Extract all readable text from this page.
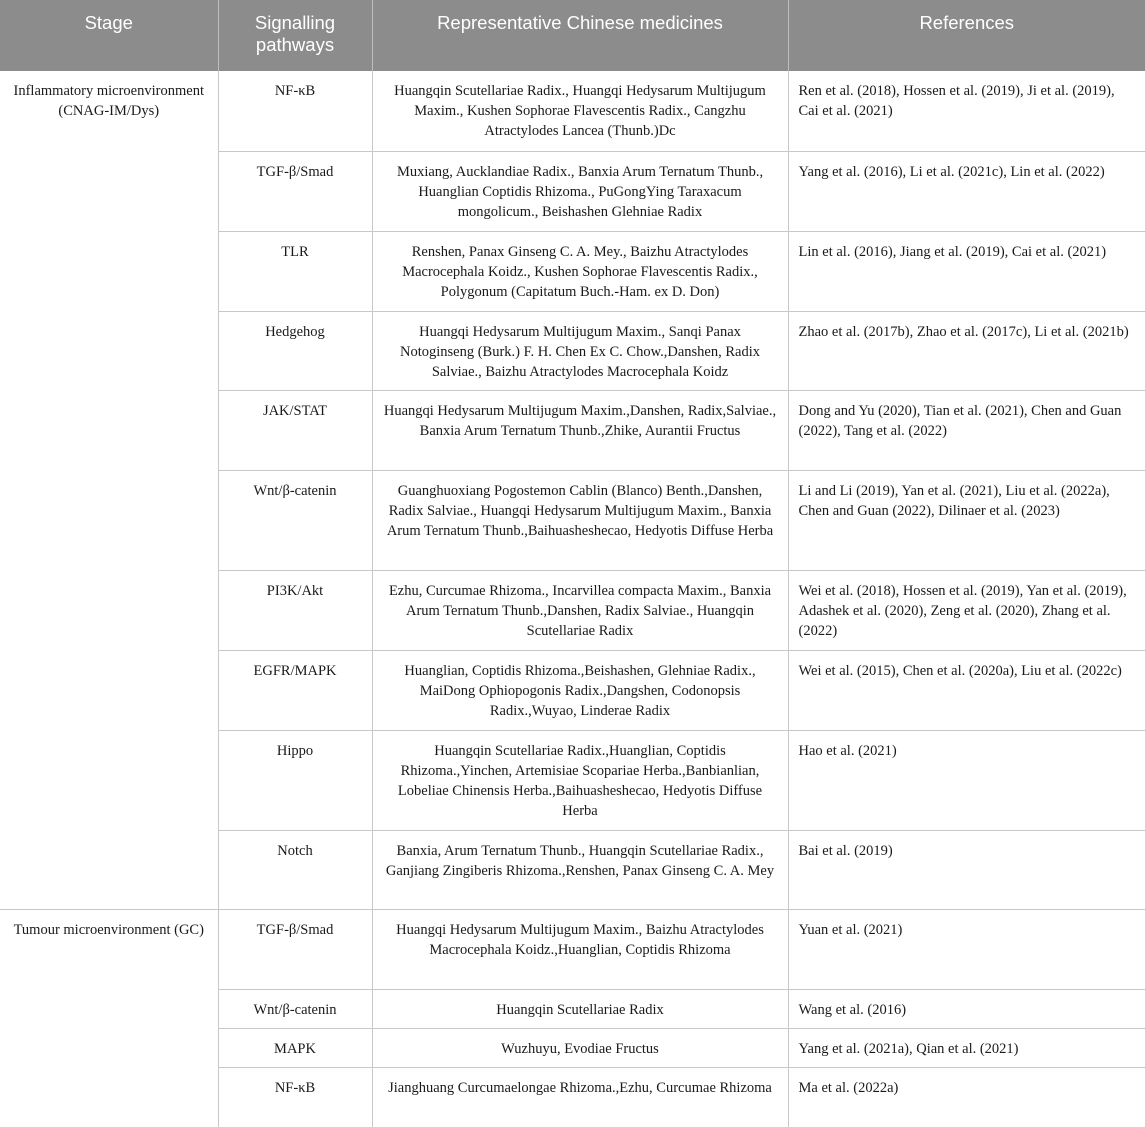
Stage	Signalling pathways	Representative Chinese medicines	References
Inflammatory microenvironment (CNAG-IM/Dys)	NF-κB	Huangqin Scutellariae Radix., Huangqi Hedysarum Multijugum Maxim., Kushen Sophorae Flavescentis Radix., Cangzhu Atractylodes Lancea (Thunb.)Dc	Ren et al. (2018), Hossen et al. (2019), Ji et al. (2019), Cai et al. (2021)
	TGF-β/Smad	Muxiang, Aucklandiae Radix., Banxia Arum Ternatum Thunb., Huanglian Coptidis Rhizoma., PuGongYing Taraxacum mongolicum., Beishashen Glehniae Radix	Yang et al. (2016), Li et al. (2021c), Lin et al. (2022)
	TLR	Renshen, Panax Ginseng C. A. Mey., Baizhu Atractylodes Macrocephala Koidz., Kushen Sophorae Flavescentis Radix., Polygonum (Capitatum Buch.-Ham. ex D. Don)	Lin et al. (2016), Jiang et al. (2019), Cai et al. (2021)
	Hedgehog	Huangqi Hedysarum Multijugum Maxim., Sanqi Panax Notoginseng (Burk.) F. H. Chen Ex C. Chow.,Danshen, Radix Salviae., Baizhu Atractylodes Macrocephala Koidz	Zhao et al. (2017b), Zhao et al. (2017c), Li et al. (2021b)
	JAK/STAT	Huangqi Hedysarum Multijugum Maxim.,Danshen, Radix,Salviae., Banxia Arum Ternatum Thunb.,Zhike, Aurantii Fructus	Dong and Yu (2020), Tian et al. (2021), Chen and Guan (2022), Tang et al. (2022)
	Wnt/β-catenin	Guanghuoxiang Pogostemon Cablin (Blanco) Benth.,Danshen, Radix Salviae., Huangqi Hedysarum Multijugum Maxim., Banxia Arum Ternatum Thunb.,Baihuasheshecao, Hedyotis Diffuse Herba	Li and Li (2019), Yan et al. (2021), Liu et al. (2022a), Chen and Guan (2022), Dilinaer et al. (2023)
	PI3K/Akt	Ezhu, Curcumae Rhizoma., Incarvillea compacta Maxim., Banxia Arum Ternatum Thunb.,Danshen, Radix Salviae., Huangqin Scutellariae Radix	Wei et al. (2018), Hossen et al. (2019), Yan et al. (2019), Adashek et al. (2020), Zeng et al. (2020), Zhang et al. (2022)
	EGFR/MAPK	Huanglian, Coptidis Rhizoma.,Beishashen, Glehniae Radix., MaiDong Ophiopogonis Radix.,Dangshen, Codonopsis Radix.,Wuyao, Linderae Radix	Wei et al. (2015), Chen et al. (2020a), Liu et al. (2022c)
	Hippo	Huangqin Scutellariae Radix.,Huanglian, Coptidis Rhizoma.,Yinchen, Artemisiae Scopariae Herba.,Banbianlian, Lobeliae Chinensis Herba.,Baihuasheshecao, Hedyotis Diffuse Herba	Hao et al. (2021)
	Notch	Banxia, Arum Ternatum Thunb., Huangqin Scutellariae Radix., Ganjiang Zingiberis Rhizoma.,Renshen, Panax Ginseng C. A. Mey	Bai et al. (2019)
Tumour microenvironment (GC)	TGF-β/Smad	Huangqi Hedysarum Multijugum Maxim., Baizhu Atractylodes Macrocephala Koidz.,Huanglian, Coptidis Rhizoma	Yuan et al. (2021)
	Wnt/β-catenin	Huangqin Scutellariae Radix	Wang et al. (2016)
	MAPK	Wuzhuyu, Evodiae Fructus	Yang et al. (2021a), Qian et al. (2021)
	NF-κB	Jianghuang Curcumaelongae Rhizoma.,Ezhu, Curcumae Rhizoma	Ma et al. (2022a)
